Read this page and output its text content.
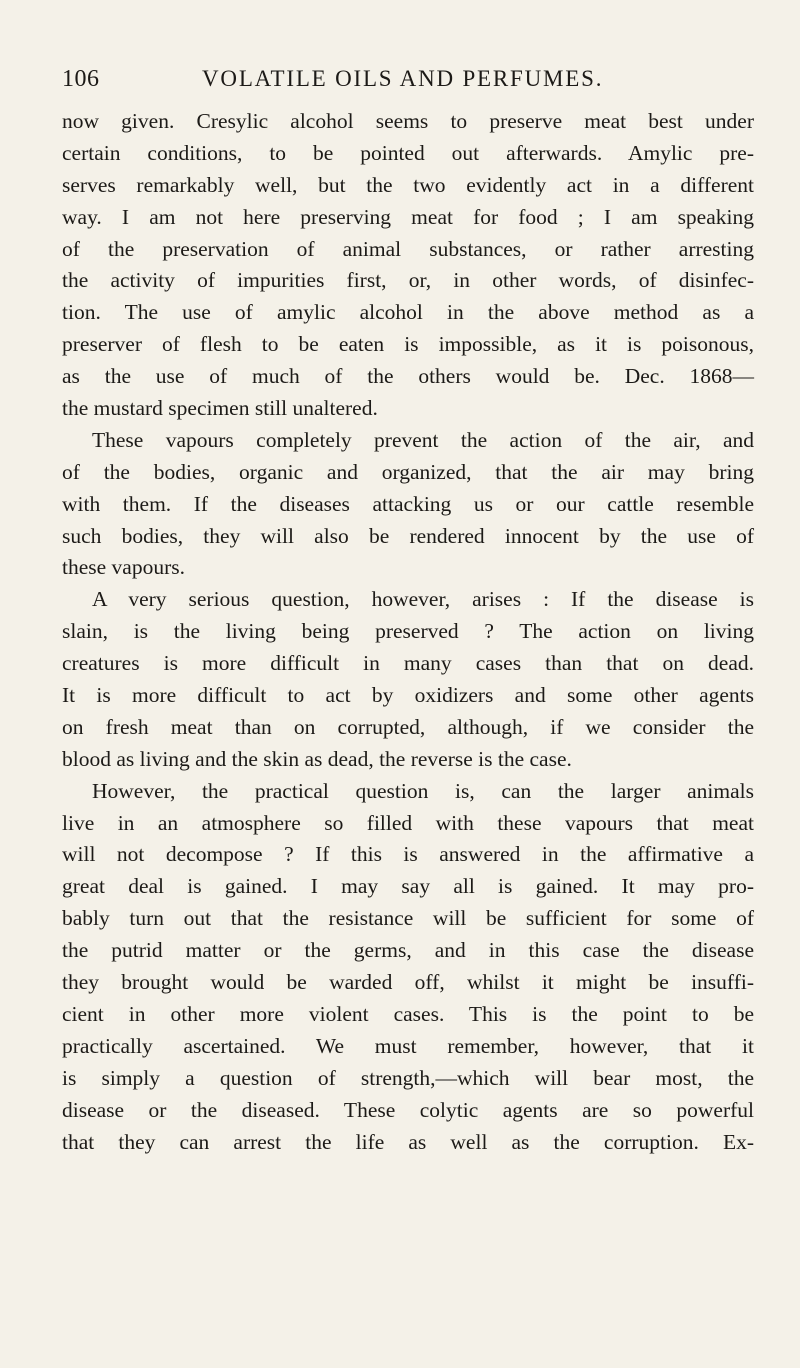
106	VOLATILE OILS AND PERFUMES.
now given. Cresylic alcohol seems to preserve meat best under
certain conditions, to be pointed out afterwards. Amylic pre-
serves remarkably well, but the two evidently act in a different
way. I am not here preserving meat for food ; I am speaking
of the preservation of animal substances, or rather arresting
the activity of impurities first, or, in other words, of disinfec-
tion. The use of amylic alcohol in the above method as a
preserver of flesh to be eaten is impossible, as it is poisonous,
as the use of much of the others would be. Dec. 1868—
the mustard specimen still unaltered.
These vapours completely prevent the action of the air, and
of the bodies, organic and organized, that the air may bring
with them. If the diseases attacking us or our cattle resemble
such bodies, they will also be rendered innocent by the use of
these vapours.
A very serious question, however, arises : If the disease is
slain, is the living being preserved ? The action on living
creatures is more difficult in many cases than that on dead.
It is more difficult to act by oxidizers and some other agents
on fresh meat than on corrupted, although, if we consider the
blood as living and the skin as dead, the reverse is the case.
However, the practical question is, can the larger animals
live in an atmosphere so filled with these vapours that meat
will not decompose ? If this is answered in the affirmative a
great deal is gained. I may say all is gained. It may pro-
bably turn out that the resistance will be sufficient for some of
the putrid matter or the germs, and in this case the disease
they brought would be warded off, whilst it might be insuffi-
cient in other more violent cases. This is the point to be
practically ascertained. We must remember, however, that it
is simply a question of strength,—which will bear most, the
disease or the diseased. These colytic agents are so powerful
that they can arrest the life as well as the corruption. Ex-
